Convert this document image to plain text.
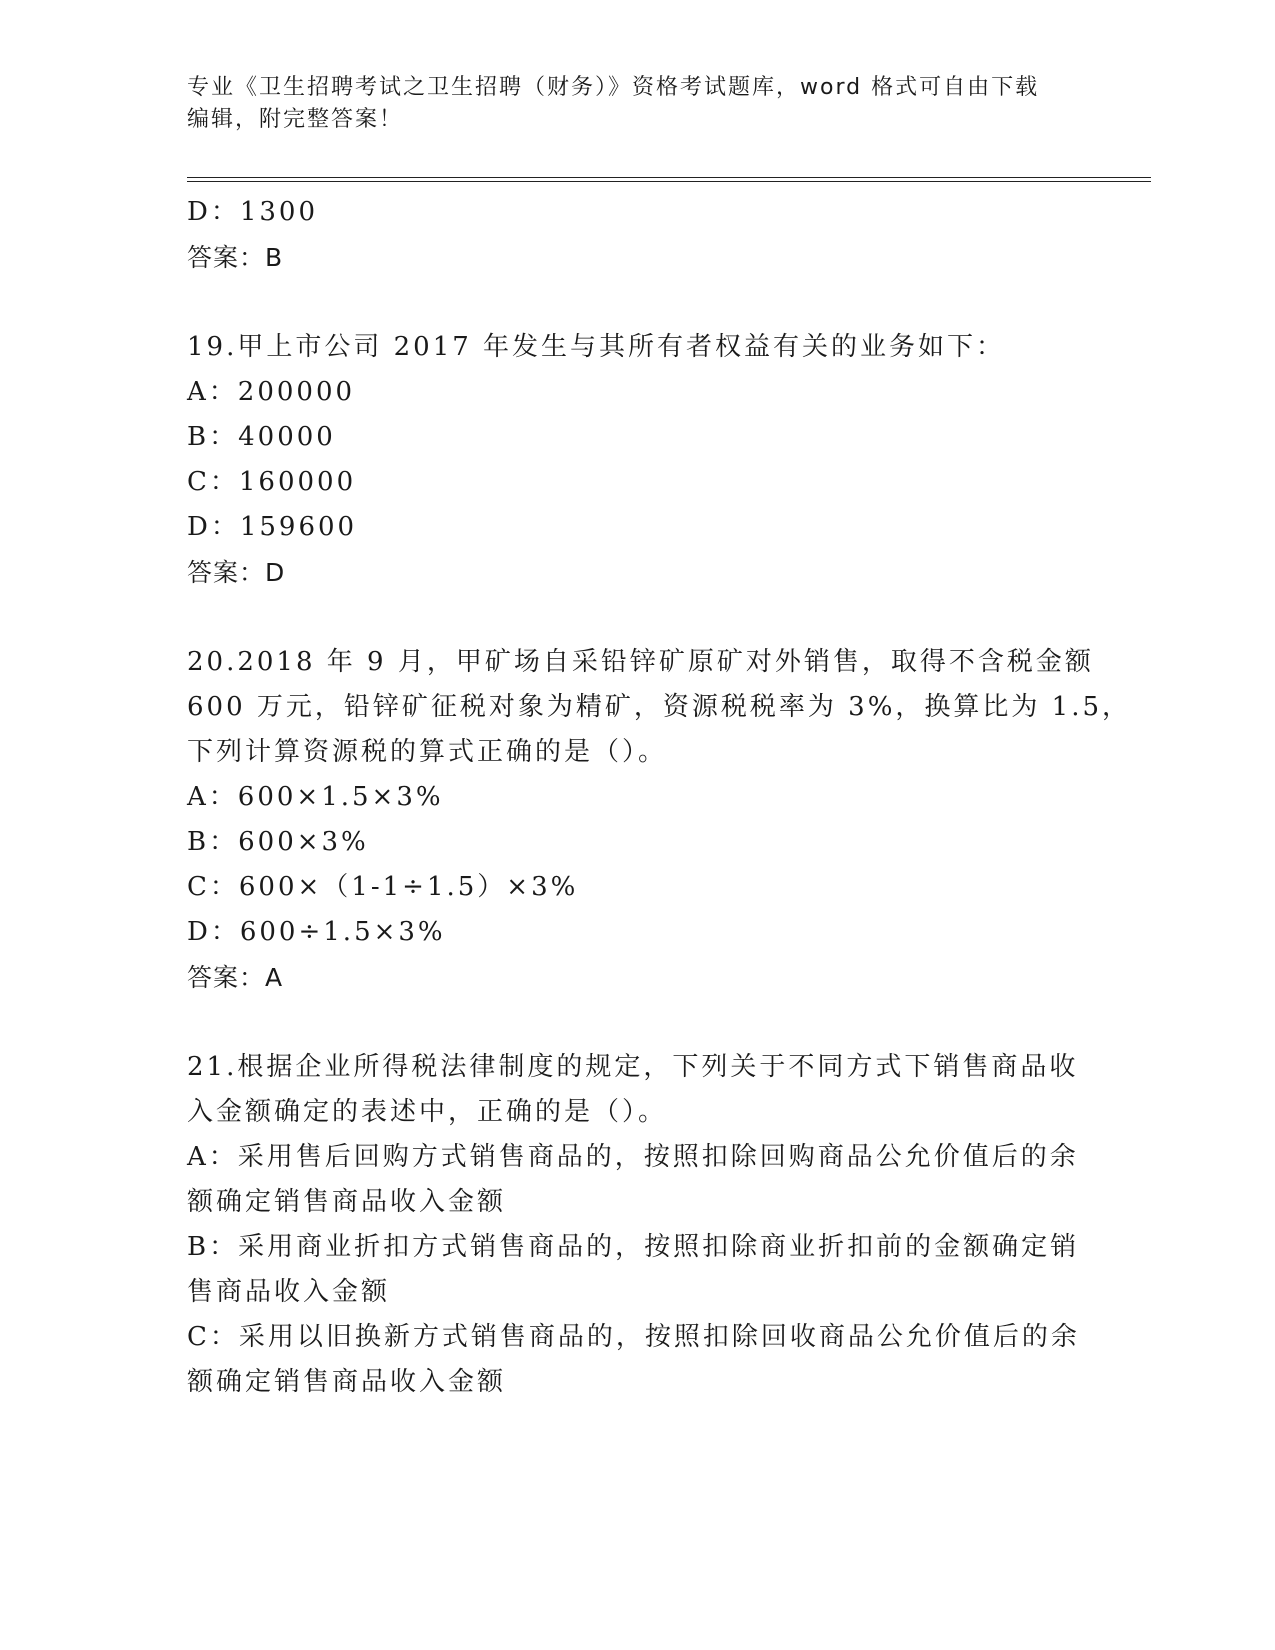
专业《卫生招聘考试之卫生招聘（财务）》资格考试题库，word 格式可自由下载
编辑，附完整答案！
D：1300
答案：B
19.甲上市公司 2017 年发生与其所有者权益有关的业务如下：
A：200000
B：40000
C：160000
D：159600
答案：D
20.2018 年 9 月，甲矿场自采铅锌矿原矿对外销售，取得不含税金额
600 万元，铅锌矿征税对象为精矿，资源税税率为 3%，换算比为 1.5，
下列计算资源税的算式正确的是（）。
A：600×1.5×3%
B：600×3%
C：600×（1-1÷1.5）×3%
D：600÷1.5×3%
答案：A
21.根据企业所得税法律制度的规定，下列关于不同方式下销售商品收
入金额确定的表述中，正确的是（）。
A：采用售后回购方式销售商品的，按照扣除回购商品公允价值后的余
额确定销售商品收入金额
B：采用商业折扣方式销售商品的，按照扣除商业折扣前的金额确定销
售商品收入金额
C：采用以旧换新方式销售商品的，按照扣除回收商品公允价值后的余
额确定销售商品收入金额
